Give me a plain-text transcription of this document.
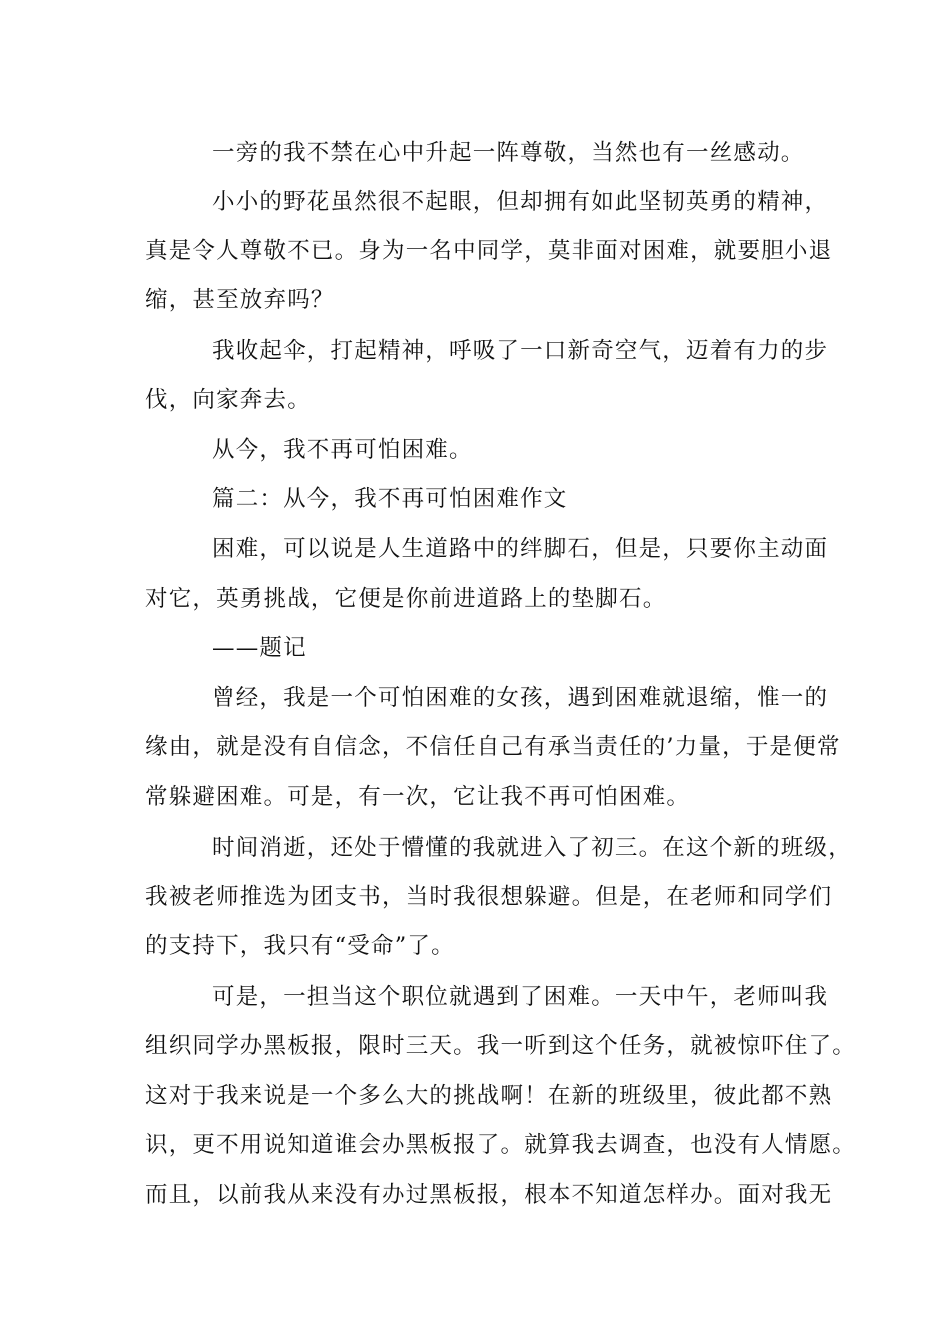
一旁的我不禁在心中升起一阵尊敬，当然也有一丝感动。
小小的野花虽然很不起眼，但却拥有如此坚韧英勇的精神，
真是令人尊敬不已。身为一名中同学，莫非面对困难，就要胆小退
缩，甚至放弃吗？
我收起伞，打起精神，呼吸了一口新奇空气，迈着有力的步
伐，向家奔去。
从今，我不再可怕困难。
篇二：从今，我不再可怕困难作文
困难，可以说是人生道路中的绊脚石，但是，只要你主动面
对它，英勇挑战，它便是你前进道路上的垫脚石。
——题记
曾经，我是一个可怕困难的女孩，遇到困难就退缩，惟一的
缘由，就是没有自信念，不信任自己有承当责任的’力量，于是便常
常躲避困难。可是，有一次，它让我不再可怕困难。
时间消逝，还处于懵懂的我就进入了初三。在这个新的班级，
我被老师推选为团支书，当时我很想躲避。但是，在老师和同学们
的支持下，我只有“受命”了。
可是，一担当这个职位就遇到了困难。一天中午，老师叫我
组织同学办黑板报，限时三天。我一听到这个任务，就被惊吓住了。
这对于我来说是一个多么大的挑战啊！在新的班级里，彼此都不熟
识，更不用说知道谁会办黑板报了。就算我去调查，也没有人情愿。
而且，以前我从来没有办过黑板报，根本不知道怎样办。面对我无
